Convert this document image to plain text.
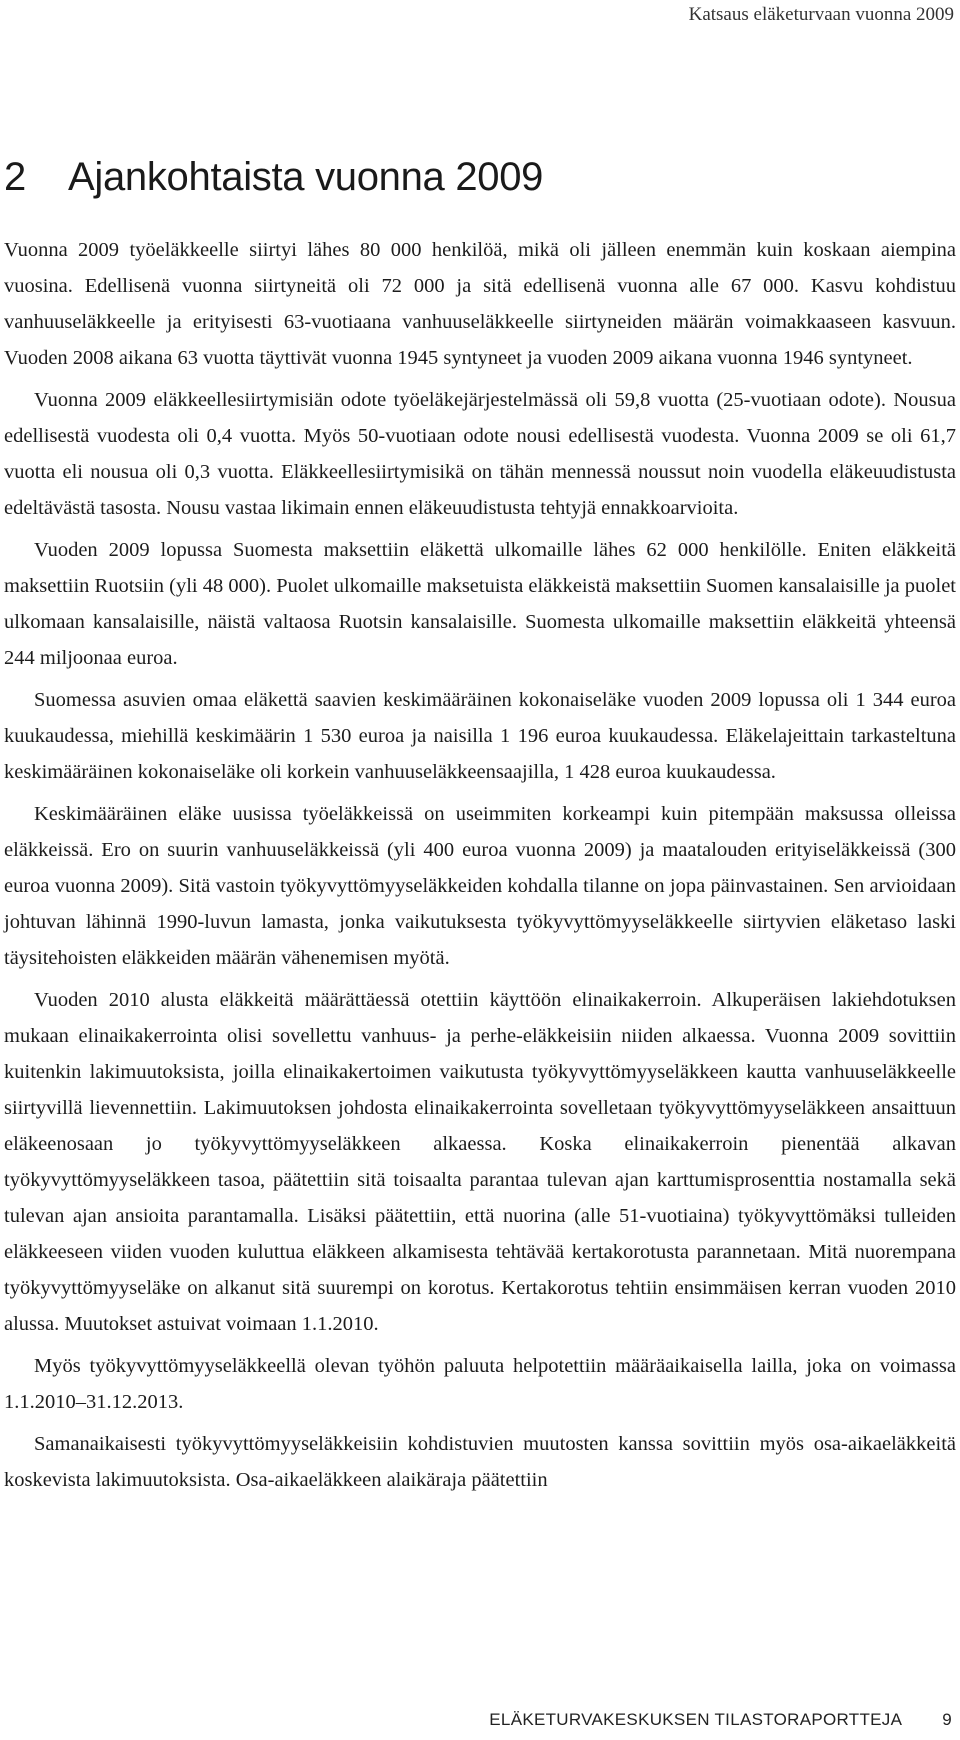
Katsaus eläketurvaan vuonna 2009
2 Ajankohtaista vuonna 2009

Vuonna 2009 työeläkkeelle siirtyi lähes 80 000 henkilöä, mikä oli jälleen enemmän kuin koskaan aiempina vuosina. Edellisenä vuonna siirtyneitä oli 72 000 ja sitä edellisenä vuonna alle 67 000. Kasvu kohdistuu vanhuuseläkkeelle ja erityisesti 63-vuotiaana vanhuuseläkkeelle siirtyneiden määrän voimakkaaseen kasvuun. Vuoden 2008 aikana 63 vuotta täyttivät vuonna 1945 syntyneet ja vuoden 2009 aikana vuonna 1946 syntyneet.

Vuonna 2009 eläkkeellesiirtymisiän odote työeläkejärjestelmässä oli 59,8 vuotta (25-vuotiaan odote). Nousua edellisestä vuodesta oli 0,4 vuotta. Myös 50-vuotiaan odote nousi edellisestä vuodesta. Vuonna 2009 se oli 61,7 vuotta eli nousua oli 0,3 vuotta. Eläkkeellesiirtymisikä on tähän mennessä noussut noin vuodella eläkeuudistusta edeltävästä tasosta. Nousu vastaa likimain ennen eläkeuudistusta tehtyjä ennakkoarvioita.

Vuoden 2009 lopussa Suomesta maksettiin eläkettä ulkomaille lähes 62 000 henkilölle. Eniten eläkkeitä maksettiin Ruotsiin (yli 48 000). Puolet ulkomaille maksetuista eläkkeistä maksettiin Suomen kansalaisille ja puolet ulkomaan kansalaisille, näistä valtaosa Ruotsin kansalaisille. Suomesta ulkomaille maksettiin eläkkeitä yhteensä 244 miljoonaa euroa.

Suomessa asuvien omaa eläkettä saavien keskimääräinen kokonaiseläke vuoden 2009 lopussa oli 1 344 euroa kuukaudessa, miehillä keskimäärin 1 530 euroa ja naisilla 1 196 euroa kuukaudessa. Eläkelajeittain tarkasteltuna keskimääräinen kokonaiseläke oli korkein vanhuuseläkkeensaajilla, 1 428 euroa kuukaudessa.

Keskimääräinen eläke uusissa työeläkkeissä on useimmiten korkeampi kuin pitempään maksussa olleissa eläkkeissä. Ero on suurin vanhuuseläkkeissä (yli 400 euroa vuonna 2009) ja maatalouden erityiseläkkeissä (300 euroa vuonna 2009). Sitä vastoin työkyvyttömyyseläkkeiden kohdalla tilanne on jopa päinvastainen. Sen arvioidaan johtuvan lähinnä 1990-luvun lamasta, jonka vaikutuksesta työkyvyttömyyseläkkeelle siirtyvien eläketaso laski täysitehoisten eläkkeiden määrän vähenemisen myötä.

Vuoden 2010 alusta eläkkeitä määrättäessä otettiin käyttöön elinaikakerroin. Alkuperäisen lakiehdotuksen mukaan elinaikakerrointa olisi sovellettu vanhuus- ja perhe-eläkkeisiin niiden alkaessa. Vuonna 2009 sovittiin kuitenkin lakimuutoksista, joilla elinaikakertoimen vaikutusta työkyvyttömyyseläkkeen kautta vanhuuseläkkeelle siirtyvillä lievennettiin. Lakimuutoksen johdosta elinaikakerrointa sovelletaan työkyvyttömyyseläkkeen ansaittuun eläkeenosaan jo työkyvyttömyyseläkkeen alkaessa. Koska elinaikakerroin pienentää alkavan työkyvyttömyyseläkkeen tasoa, päätettiin sitä toisaalta parantaa tulevan ajan karttumisprosenttia nostamalla sekä tulevan ajan ansioita parantamalla. Lisäksi päätettiin, että nuorina (alle 51-vuotiaina) työkyvyttömäksi tulleiden eläkkeeseen viiden vuoden kuluttua eläkkeen alkamisesta tehtävää kertakorotusta parannetaan. Mitä nuorempana työkyvyttömyyseläke on alkanut sitä suurempi on korotus. Kertakorotus tehtiin ensimmäisen kerran vuoden 2010 alussa. Muutokset astuivat voimaan 1.1.2010.

Myös työkyvyttömyyseläkkeellä olevan työhön paluuta helpotettiin määräaikaisella lailla, joka on voimassa 1.1.2010–31.12.2013.

Samanaikaisesti työkyvyttömyyseläkkeisiin kohdistuvien muutosten kanssa sovittiin myös osa-aikaeläkkeitä koskevista lakimuutoksista. Osa-aikaeläkkeen alaikäraja päätettiin

ELÄKETURVAKESKUKSEN TILASTORAPORTTEJA 9
